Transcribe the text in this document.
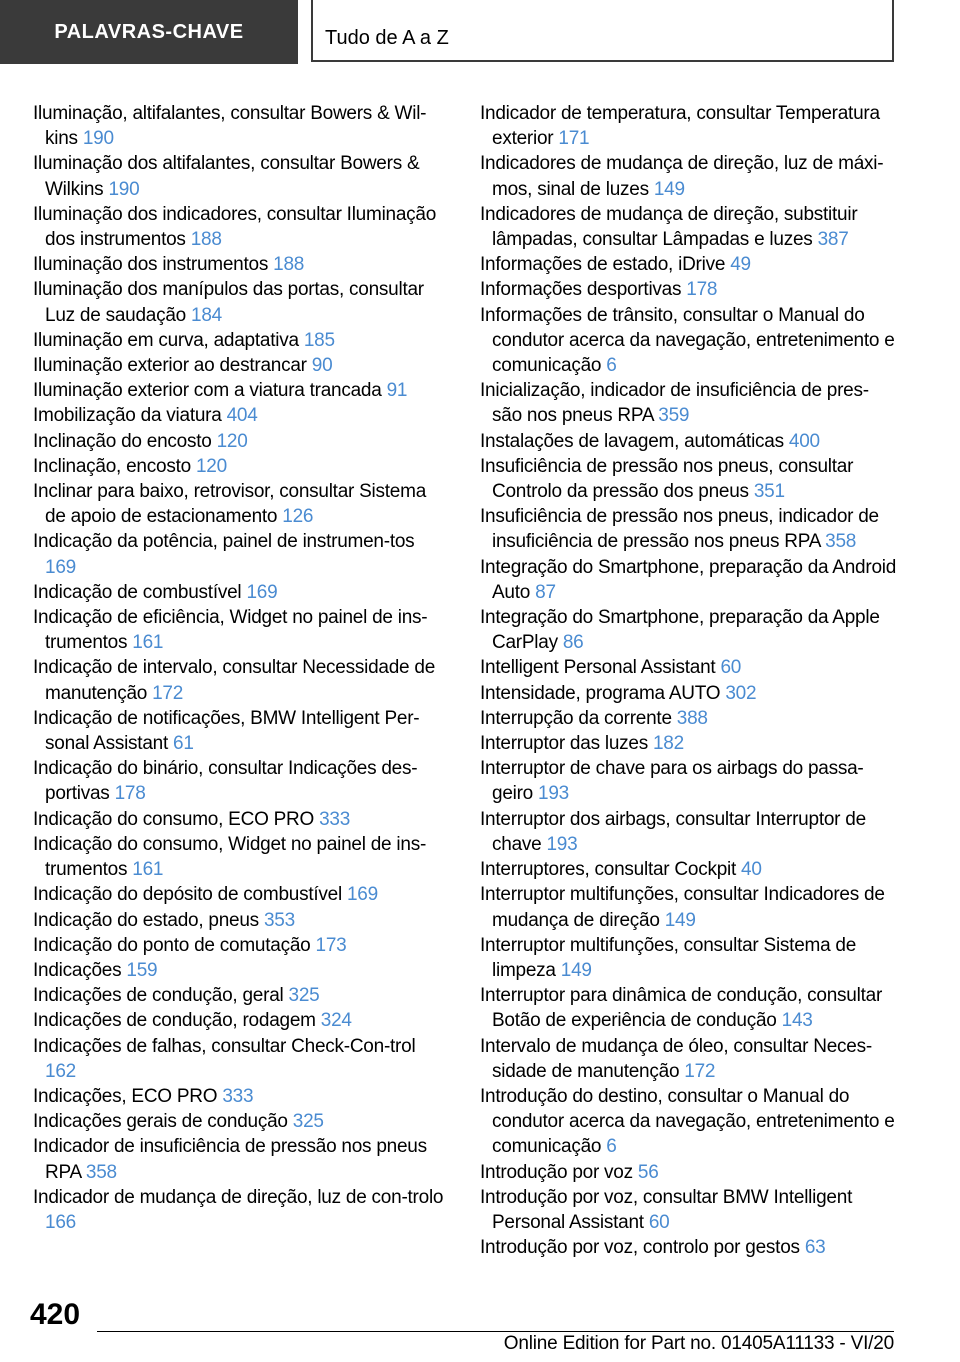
PALAVRAS-CHAVE	Tudo de A a Z
Iluminação, altifalantes, consultar Bowers & Wil-kins 190
Iluminação dos altifalantes, consultar Bowers & Wilkins 190
Iluminação dos indicadores, consultar Iluminação dos instrumentos 188
Iluminação dos instrumentos 188
Iluminação dos manípulos das portas, consultar Luz de saudação 184
Iluminação em curva, adaptativa 185
Iluminação exterior ao destrancar 90
Iluminação exterior com a viatura trancada 91
Imobilização da viatura 404
Inclinação do encosto 120
Inclinação, encosto 120
Inclinar para baixo, retrovisor, consultar Sistema de apoio de estacionamento 126
Indicação da potência, painel de instrumen-tos 169
Indicação de combustível 169
Indicação de eficiência, Widget no painel de ins-trumentos 161
Indicação de intervalo, consultar Necessidade de manutenção 172
Indicação de notificações, BMW Intelligent Per-sonal Assistant 61
Indicação do binário, consultar Indicações des-portivas 178
Indicação do consumo, ECO PRO 333
Indicação do consumo, Widget no painel de ins-trumentos 161
Indicação do depósito de combustível 169
Indicação do estado, pneus 353
Indicação do ponto de comutação 173
Indicações 159
Indicações de condução, geral 325
Indicações de condução, rodagem 324
Indicações de falhas, consultar Check-Con-trol 162
Indicações, ECO PRO 333
Indicações gerais de condução 325
Indicador de insuficiência de pressão nos pneus RPA 358
Indicador de mudança de direção, luz de con-trolo 166
Indicador de temperatura, consultar Temperatura exterior 171
Indicadores de mudança de direção, luz de máxi-mos, sinal de luzes 149
Indicadores de mudança de direção, substituir lâmpadas, consultar Lâmpadas e luzes 387
Informações de estado, iDrive 49
Informações desportivas 178
Informações de trânsito, consultar o Manual do condutor acerca da navegação, entretenimento e comunicação 6
Inicialização, indicador de insuficiência de pres-são nos pneus RPA 359
Instalações de lavagem, automáticas 400
Insuficiência de pressão nos pneus, consultar Controlo da pressão dos pneus 351
Insuficiência de pressão nos pneus, indicador de insuficiência de pressão nos pneus RPA 358
Integração do Smartphone, preparação da Android Auto 87
Integração do Smartphone, preparação da Apple CarPlay 86
Intelligent Personal Assistant 60
Intensidade, programa AUTO 302
Interrupção da corrente 388
Interruptor das luzes 182
Interruptor de chave para os airbags do passa-geiro 193
Interruptor dos airbags, consultar Interruptor de chave 193
Interruptores, consultar Cockpit 40
Interruptor multifunções, consultar Indicadores de mudança de direção 149
Interruptor multifunções, consultar Sistema de limpeza 149
Interruptor para dinâmica de condução, consultar Botão de experiência de condução 143
Intervalo de mudança de óleo, consultar Neces-sidade de manutenção 172
Introdução do destino, consultar o Manual do condutor acerca da navegação, entretenimento e comunicação 6
Introdução por voz 56
Introdução por voz, consultar BMW Intelligent Personal Assistant 60
Introdução por voz, controlo por gestos 63
420
Online Edition for Part no. 01405A11133 - VI/20
